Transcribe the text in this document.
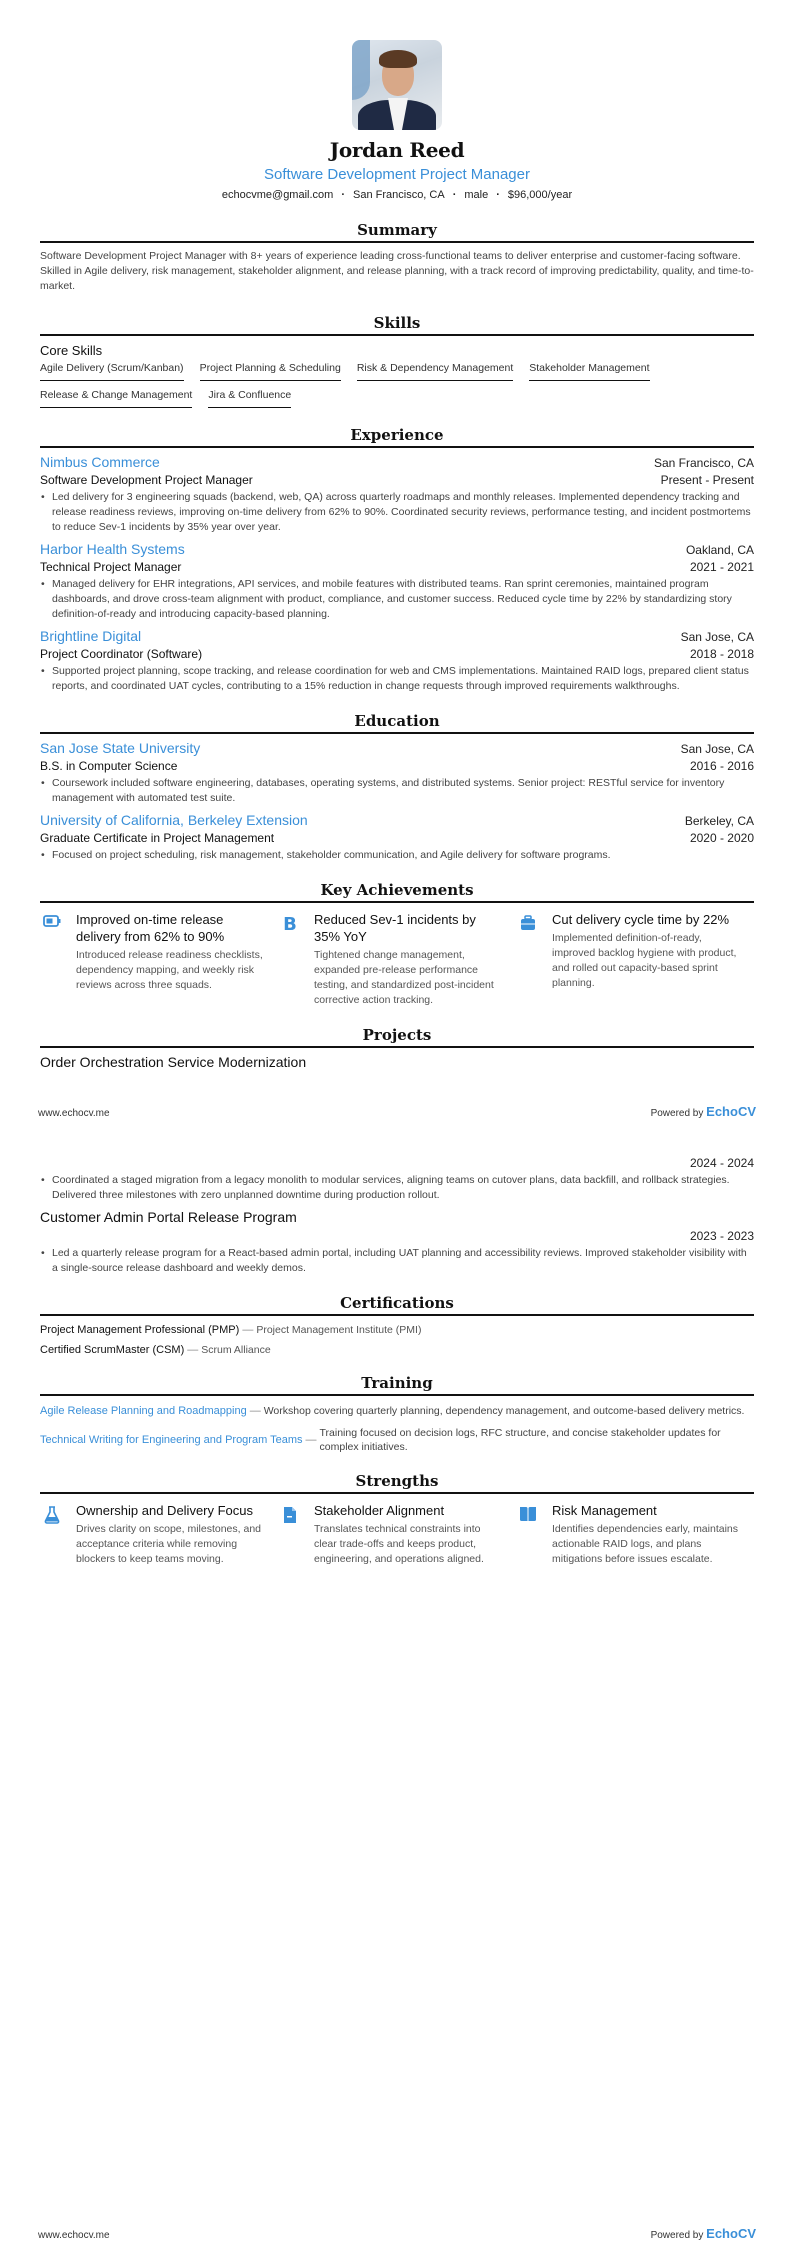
Jordan Reed
Software Development Project Manager
echocvme@gmail.com · San Francisco, CA · male · $96,000/year
Summary

Software Development Project Manager with 8+ years of experience leading cross-functional teams to deliver enterprise and customer-facing software. Skilled in Agile delivery, risk management, stakeholder alignment, and release planning, with a track record of improving predictability, quality, and time-to-market.

Skills
Core Skills
Agile Delivery (Scrum/Kanban) Project Planning & Scheduling Risk & Dependency Management Stakeholder Management
Release & Change Management Jira & Confluence
Experience
Nimbus Commerce	San Francisco, CA
Software Development Project Manager	Present - Present
• Led delivery for 3 engineering squads (backend, web, QA) across quarterly roadmaps and monthly releases. Implemented dependency tracking and release readiness reviews, improving on-time delivery from 62% to 90%. Coordinated security reviews, performance testing, and incident postmortems to reduce Sev-1 incidents by 35% year over year.
Harbor Health Systems	Oakland, CA
Technical Project Manager	2021 - 2021
• Managed delivery for EHR integrations, API services, and mobile features with distributed teams. Ran sprint ceremonies, maintained program dashboards, and drove cross-team alignment with product, compliance, and customer success. Reduced cycle time by 22% by standardizing story definition-of-ready and introducing capacity-based planning.
Brightline Digital	San Jose, CA
Project Coordinator (Software)	2018 - 2018
• Supported project planning, scope tracking, and release coordination for web and CMS implementations. Maintained RAID logs, prepared client status reports, and coordinated UAT cycles, contributing to a 15% reduction in change requests through improved requirements walkthroughs.
Education
San Jose State University	San Jose, CA
B.S. in Computer Science	2016 - 2016
• Coursework included software engineering, databases, operating systems, and distributed systems. Senior project: RESTful service for inventory management with automated test suite.
University of California, Berkeley Extension	Berkeley, CA
Graduate Certificate in Project Management	2020 - 2020
• Focused on project scheduling, risk management, stakeholder communication, and Agile delivery for software programs.
Key Achievements
Improved on-time release delivery from 62% to 90%
Introduced release readiness checklists, dependency mapping, and weekly risk reviews across three squads.
B Reduced Sev-1 incidents by 35% YoY
Tightened change management, expanded pre-release performance testing, and standardized post-incident corrective action tracking.
Cut delivery cycle time by 22%
Implemented definition-of-ready, improved backlog hygiene with product, and rolled out capacity-based sprint planning.
Projects
Order Orchestration Service Modernization
www.echocv.me	Powered by EchoCV
2024 - 2024
• Coordinated a staged migration from a legacy monolith to modular services, aligning teams on cutover plans, data backfill, and rollback strategies. Delivered three milestones with zero unplanned downtime during production rollout.
Customer Admin Portal Release Program
2023 - 2023
• Led a quarterly release program for a React-based admin portal, including UAT planning and accessibility reviews. Improved stakeholder visibility with a single-source release dashboard and weekly demos.
Certifications
Project Management Professional (PMP) — Project Management Institute (PMI)
Certified ScrumMaster (CSM) — Scrum Alliance
Training
Agile Release Planning and Roadmapping — Workshop covering quarterly planning, dependency management, and outcome-based delivery metrics.
Technical Writing for Engineering and Program Teams —
Training focused on decision logs, RFC structure, and concise stakeholder updates for complex initiatives.
Strengths
Ownership and Delivery Focus
Drives clarity on scope, milestones, and acceptance criteria while removing blockers to keep teams moving.
Stakeholder Alignment
Translates technical constraints into clear trade-offs and keeps product, engineering, and operations aligned.
Risk Management
Identifies dependencies early, maintains actionable RAID logs, and plans mitigations before issues escalate.
www.echocv.me	Powered by EchoCV
